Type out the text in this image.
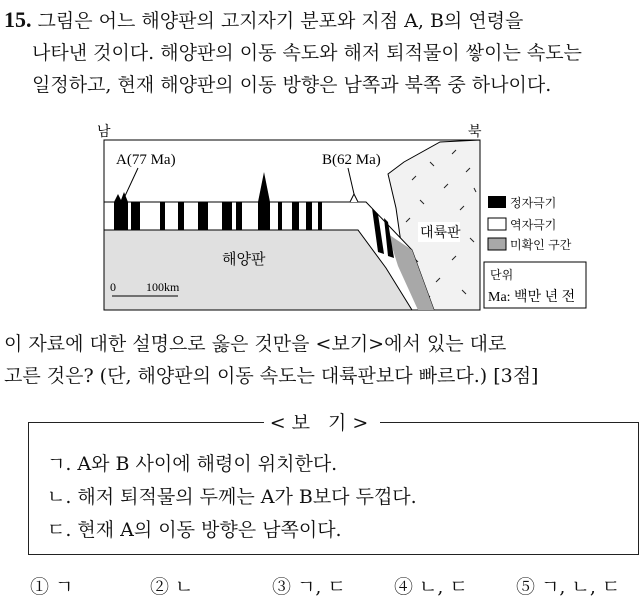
15. 그림은 어느 해양판의 고지자기 분포와 지점 A, B의 연령을
나타낸 것이다. 해양판의 이동 속도와 해저 퇴적물이 쌓이는 속도는
일정하고, 현재 해양판의 이동 방향은 남쪽과 북쪽 중 하나이다.
남	북
A(77 Ma)	B(62 Ma)
해양판
대륙판
0	100km
정자극기
역자극기
미확인 구간
단위
Ma: 백만 년 전
이 자료에 대한 설명으로 옳은 것만을 <보기>에서 있는 대로
고른 것은? (단, 해양판의 이동 속도는 대륙판보다 빠르다.) [3점]
ㄱ. A와 B 사이에 해령이 위치한다.
ㄴ. 해저 퇴적물의 두께는 A가 B보다 두껍다.
ㄷ. 현재 A의 이동 방향은 남쪽이다.
<보 기>
① ㄱ	② ㄴ	③ ㄱ, ㄷ	④ ㄴ, ㄷ	⑤ ㄱ, ㄴ, ㄷ
